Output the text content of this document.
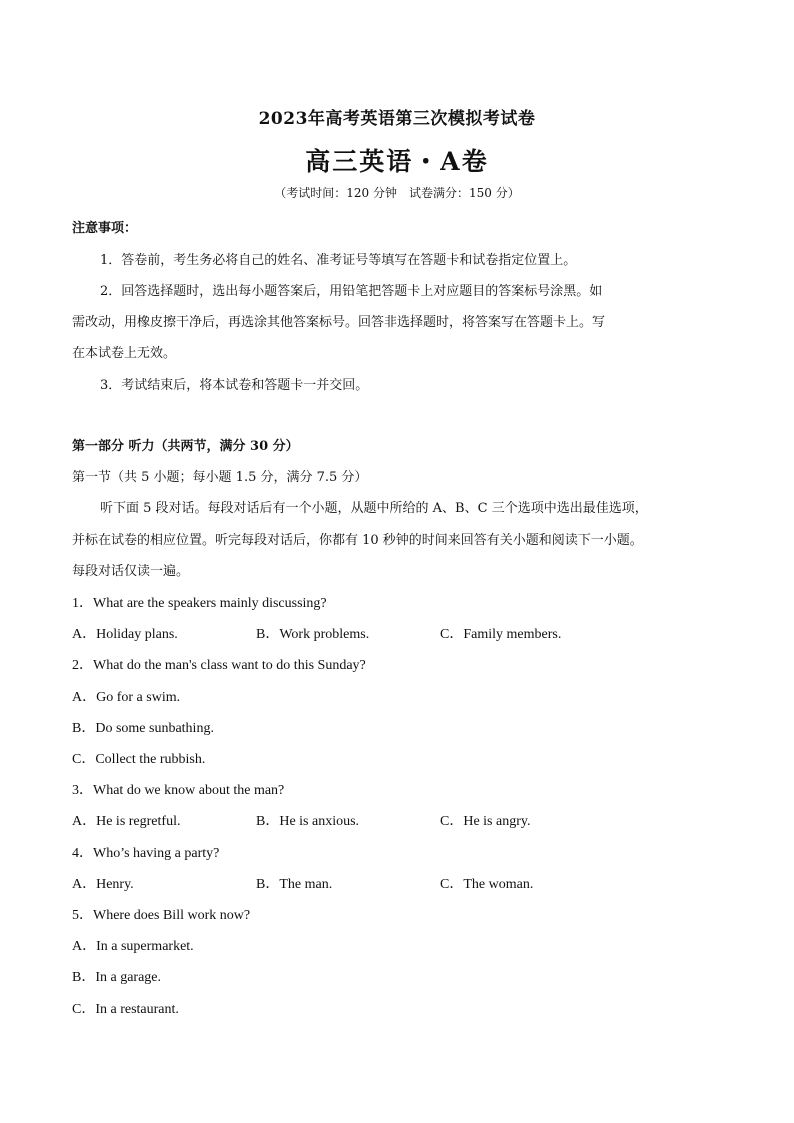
2023年高考英语第三次模拟考试卷
高三英语・A卷
（考试时间：120 分钟　试卷满分：150 分）
注意事项：
1．答卷前，考生务必将自己的姓名、准考证号等填写在答题卡和试卷指定位置上。
2．回答选择题时，选出每小题答案后，用铅笔把答题卡上对应题目的答案标号涂黑。如
需改动，用橡皮擦干净后，再选涂其他答案标号。回答非选择题时，将答案写在答题卡上。写
在本试卷上无效。
3．考试结束后，将本试卷和答题卡一并交回。
第一部分 听力（共两节，满分 30 分）
第一节（共 5 小题；每小题 1.5 分，满分 7.5 分）
听下面 5 段对话。每段对话后有一个小题，从题中所给的 A、B、C 三个选项中选出最佳选项，
并标在试卷的相应位置。听完每段对话后，你都有 10 秒钟的时间来回答有关小题和阅读下一小题。
每段对话仅读一遍。
1．What are the speakers mainly discussing?
A．Holiday plans.	B．Work problems.	C．Family members.
2．What do the man's class want to do this Sunday?
A．Go for a swim.
B．Do some sunbathing.
C．Collect the rubbish.
3．What do we know about the man?
A．He is regretful.	B．He is anxious.	C．He is angry.
4．Who’s having a party?
A．Henry.	B．The man.	C．The woman.
5．Where does Bill work now?
A．In a supermarket.
B．In a garage.
C．In a restaurant.
